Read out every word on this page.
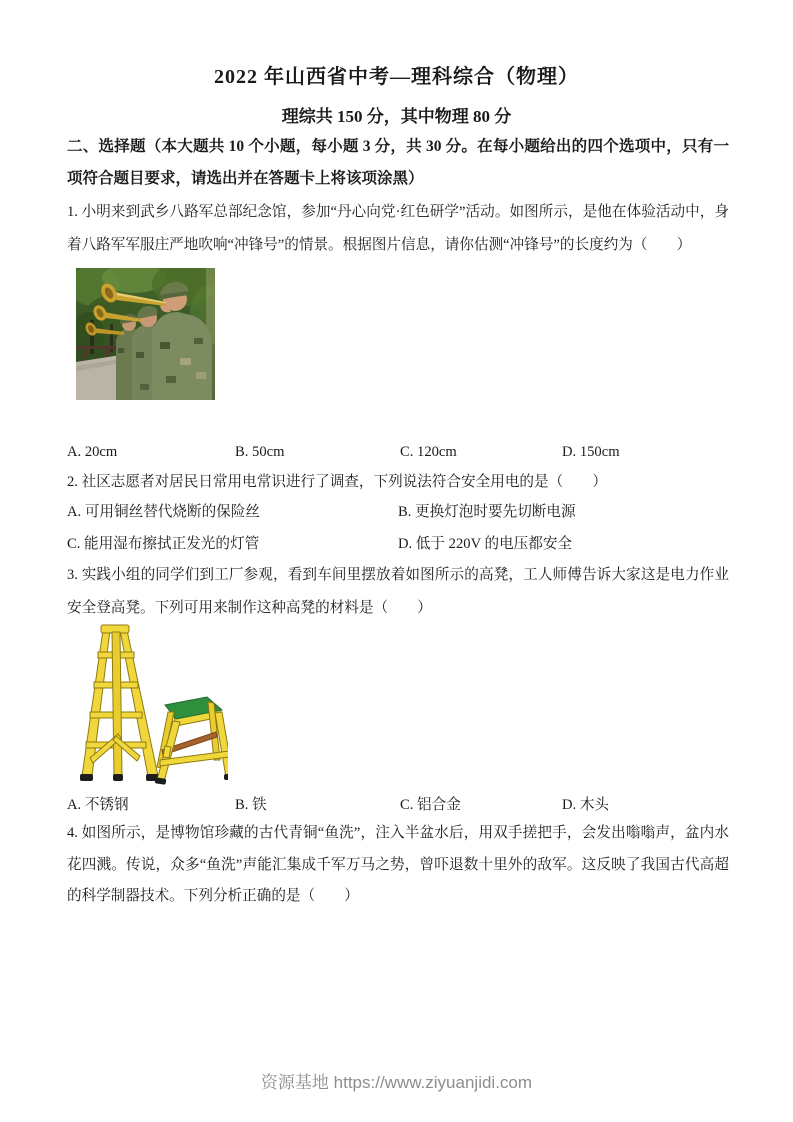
2022 年山西省中考—理科综合（物理）
理综共 150 分，其中物理 80 分
二、选择题（本大题共 10 个小题，每小题 3 分，共 30 分。在每小题给出的四个选项中，只有一项符合题目要求，请选出并在答题卡上将该项涂黑）
1. 小明来到武乡八路军总部纪念馆，参加“丹心向党·红色研学”活动。如图所示，是他在体验活动中，身着八路军军服庄严地吹响“冲锋号”的情景。根据图片信息，请你估测“冲锋号”的长度约为（　　）
A. 20cm	B. 50cm	C. 120cm	D. 150cm
2. 社区志愿者对居民日常用电常识进行了调查，下列说法符合安全用电的是（　　）
A. 可用铜丝替代烧断的保险丝	B. 更换灯泡时要先切断电源
C. 能用湿布擦拭正发光的灯管	D. 低于 220V 的电压都安全
3. 实践小组的同学们到工厂参观，看到车间里摆放着如图所示的高凳，工人师傅告诉大家这是电力作业安全登高凳。下列可用来制作这种高凳的材料是（　　）
A. 不锈钢	B. 铁	C. 铝合金	D. 木头
4. 如图所示，是博物馆珍藏的古代青铜“鱼洗”，注入半盆水后，用双手搓把手，会发出嗡嗡声，盆内水花四溅。传说，众多“鱼洗”声能汇集成千军万马之势，曾吓退数十里外的敌军。这反映了我国古代高超的科学制器技术。下列分析正确的是（　　）
资源基地 https://www.ziyuanjidi.com
